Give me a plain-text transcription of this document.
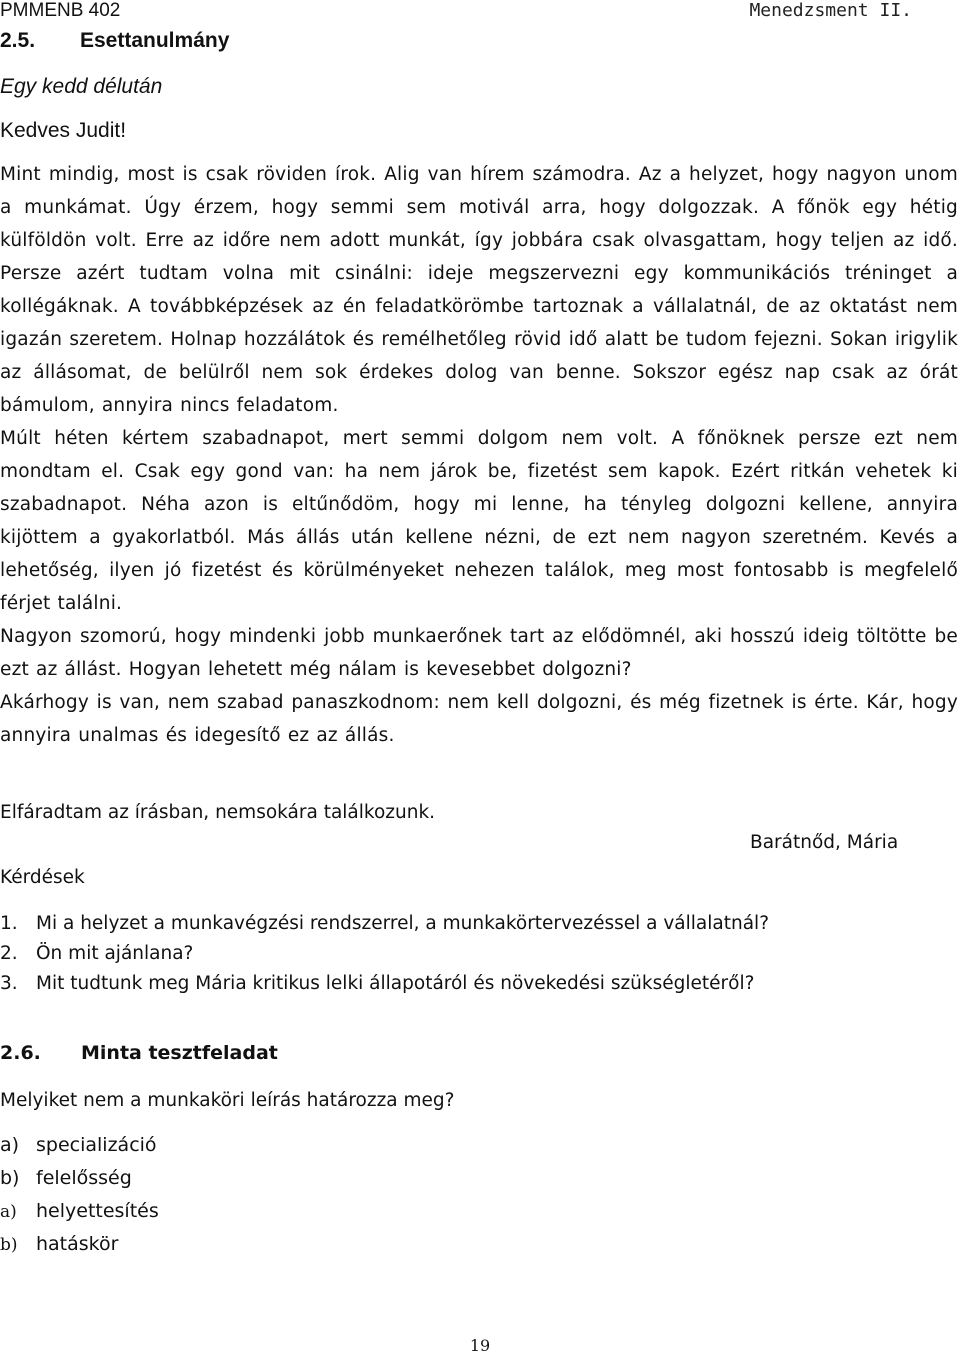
PMMENB 402	Menedzsment II.
2.5. Esettanulmány
Egy kedd délután
Kedves Judit!

Mint mindig, most is csak röviden írok. Alig van hírem számodra. Az a helyzet, hogy nagyon unom a munkámat. Úgy érzem, hogy semmi sem motivál arra, hogy dolgozzak. A főnök egy hétig külföldön volt. Erre az időre nem adott munkát, így jobbára csak olvasgattam, hogy teljen az idő. Persze azért tudtam volna mit csinálni: ideje megszervezni egy kommunikációs tréninget a kollégáknak. A továbbképzések az én feladatkörömbe tartoznak a vállalatnál, de az oktatást nem igazán szeretem. Holnap hozzálátok és remélhetőleg rövid idő alatt be tudom fejezni. Sokan irigylik az állásomat, de belülről nem sok érdekes dolog van benne. Sokszor egész nap csak az órát bámulom, annyira nincs feladatom.

Múlt héten kértem szabadnapot, mert semmi dolgom nem volt. A főnöknek persze ezt nem mondtam el. Csak egy gond van: ha nem járok be, fizetést sem kapok. Ezért ritkán vehetek ki szabadnapot. Néha azon is eltűnődöm, hogy mi lenne, ha tényleg dolgozni kellene, annyira kijöttem a gyakorlatból. Más állás után kellene nézni, de ezt nem nagyon szeretném. Kevés a lehetőség, ilyen jó fizetést és körülményeket nehezen találok, meg most fontosabb is megfelelő férjet találni.

Nagyon szomorú, hogy mindenki jobb munkaerőnek tart az elődömnél, aki hosszú ideig töltötte be ezt az állást. Hogyan lehetett még nálam is kevesebbet dolgozni?

Akárhogy is van, nem szabad panaszkodnom: nem kell dolgozni, és még fizetnek is érte. Kár, hogy annyira unalmas és idegesítő ez az állás.

Elfáradtam az írásban, nemsokára találkozunk.
Barátnőd, Mária
Kérdések
1. Mi a helyzet a munkavégzési rendszerrel, a munkakörtervezéssel a vállalatnál?
2. Ön mit ajánlana?
3. Mit tudtunk meg Mária kritikus lelki állapotáról és növekedési szükségletéről?
2.6. Minta tesztfeladat
Melyiket nem a munkaköri leírás határozza meg?
a) specializáció
b) felelősség
a) helyettesítés
b) hatáskör
19
